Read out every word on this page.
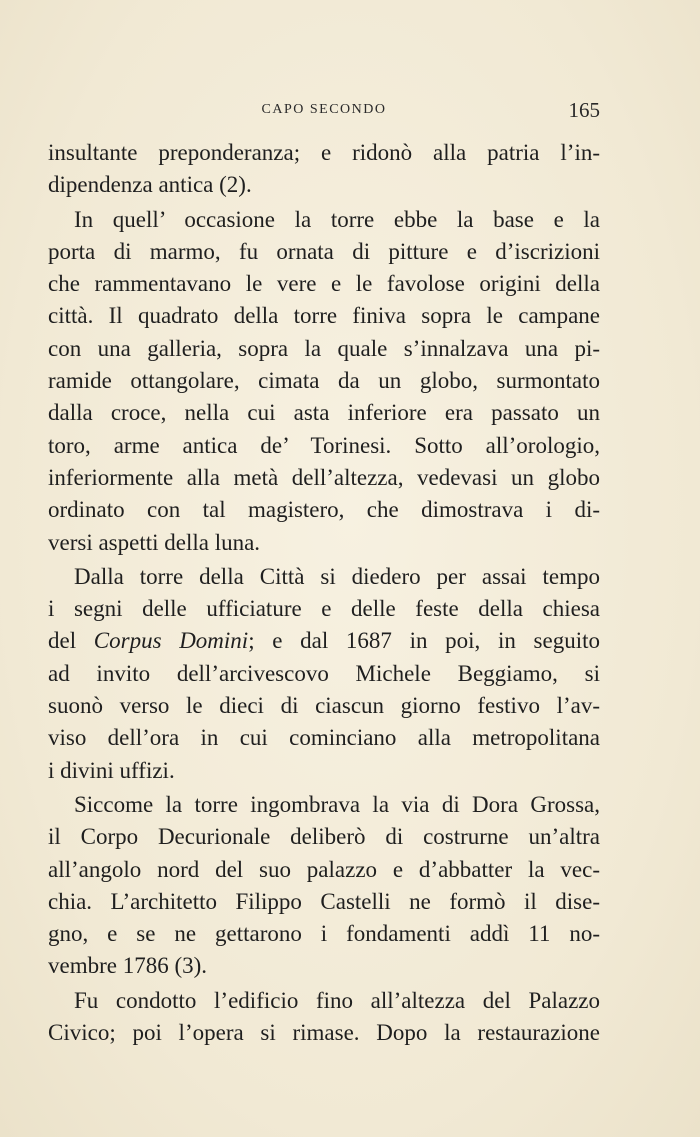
CAPO SECONDO	165
insultante preponderanza; e ridonò alla patria l’in-
dipendenza antica (2).
In quell’ occasione la torre ebbe la base e la
porta di marmo, fu ornata di pitture e d’iscrizioni
che rammentavano le vere e le favolose origini della
città. Il quadrato della torre finiva sopra le campane
con una galleria, sopra la quale s’innalzava una pi-
ramide ottangolare, cimata da un globo, surmontato
dalla croce, nella cui asta inferiore era passato un
toro, arme antica de’ Torinesi. Sotto all’orologio,
inferiormente alla metà dell’altezza, vedevasi un globo
ordinato con tal magistero, che dimostrava i di-
versi aspetti della luna.
Dalla torre della Città si diedero per assai tempo
i segni delle ufficiature e delle feste della chiesa
del Corpus Domini; e dal 1687 in poi, in seguito
ad invito dell’arcivescovo Michele Beggiamo, si
suonò verso le dieci di ciascun giorno festivo l’av-
viso dell’ora in cui cominciano alla metropolitana
i divini uffizi.
Siccome la torre ingombrava la via di Dora Grossa,
il Corpo Decurionale deliberò di costrurne un’altra
all’angolo nord del suo palazzo e d’abbatter la vec-
chia. L’architetto Filippo Castelli ne formò il dise-
gno, e se ne gettarono i fondamenti addì 11 no-
vembre 1786 (3).
Fu condotto l’edificio fino all’altezza del Palazzo
Civico; poi l’opera si rimase. Dopo la restaurazione
